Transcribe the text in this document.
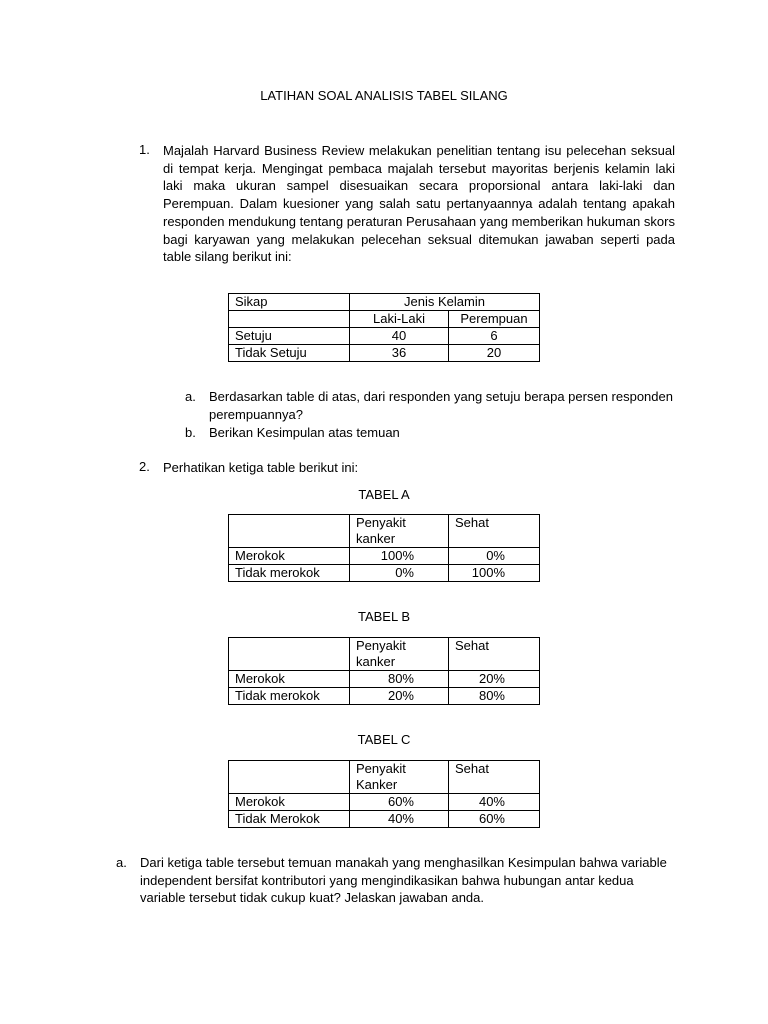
LATIHAN SOAL ANALISIS TABEL SILANG
1. Majalah Harvard Business Review melakukan penelitian tentang isu pelecehan seksual di tempat kerja. Mengingat pembaca majalah tersebut mayoritas berjenis kelamin laki laki maka ukuran sampel disesuaikan secara proporsional antara laki-laki dan Perempuan. Dalam kuesioner yang salah satu pertanyaannya adalah tentang apakah responden mendukung tentang peraturan Perusahaan yang memberikan hukuman skors bagi karyawan yang melakukan pelecehan seksual ditemukan jawaban seperti pada table silang berikut ini:
Sikap	Jenis Kelamin	
	Laki-Laki	Perempuan
Setuju	40	6
Tidak Setuju	36	20
a. Berdasarkan table di atas, dari responden yang setuju berapa persen responden perempuannya?
b. Berikan Kesimpulan atas temuan
2. Perhatikan ketiga table berikut ini:
TABEL A
	Penyakit kanker	Sehat
Merokok	100%	0%
Tidak merokok	0%	100%
TABEL B
	Penyakit kanker	Sehat
Merokok	80%	20%
Tidak merokok	20%	80%
TABEL C
	Penyakit Kanker	Sehat
Merokok	60%	40%
Tidak Merokok	40%	60%
a. Dari ketiga table tersebut temuan manakah yang menghasilkan Kesimpulan bahwa variable independent bersifat kontributori yang mengindikasikan bahwa hubungan antar kedua variable tersebut tidak cukup kuat? Jelaskan jawaban anda.
